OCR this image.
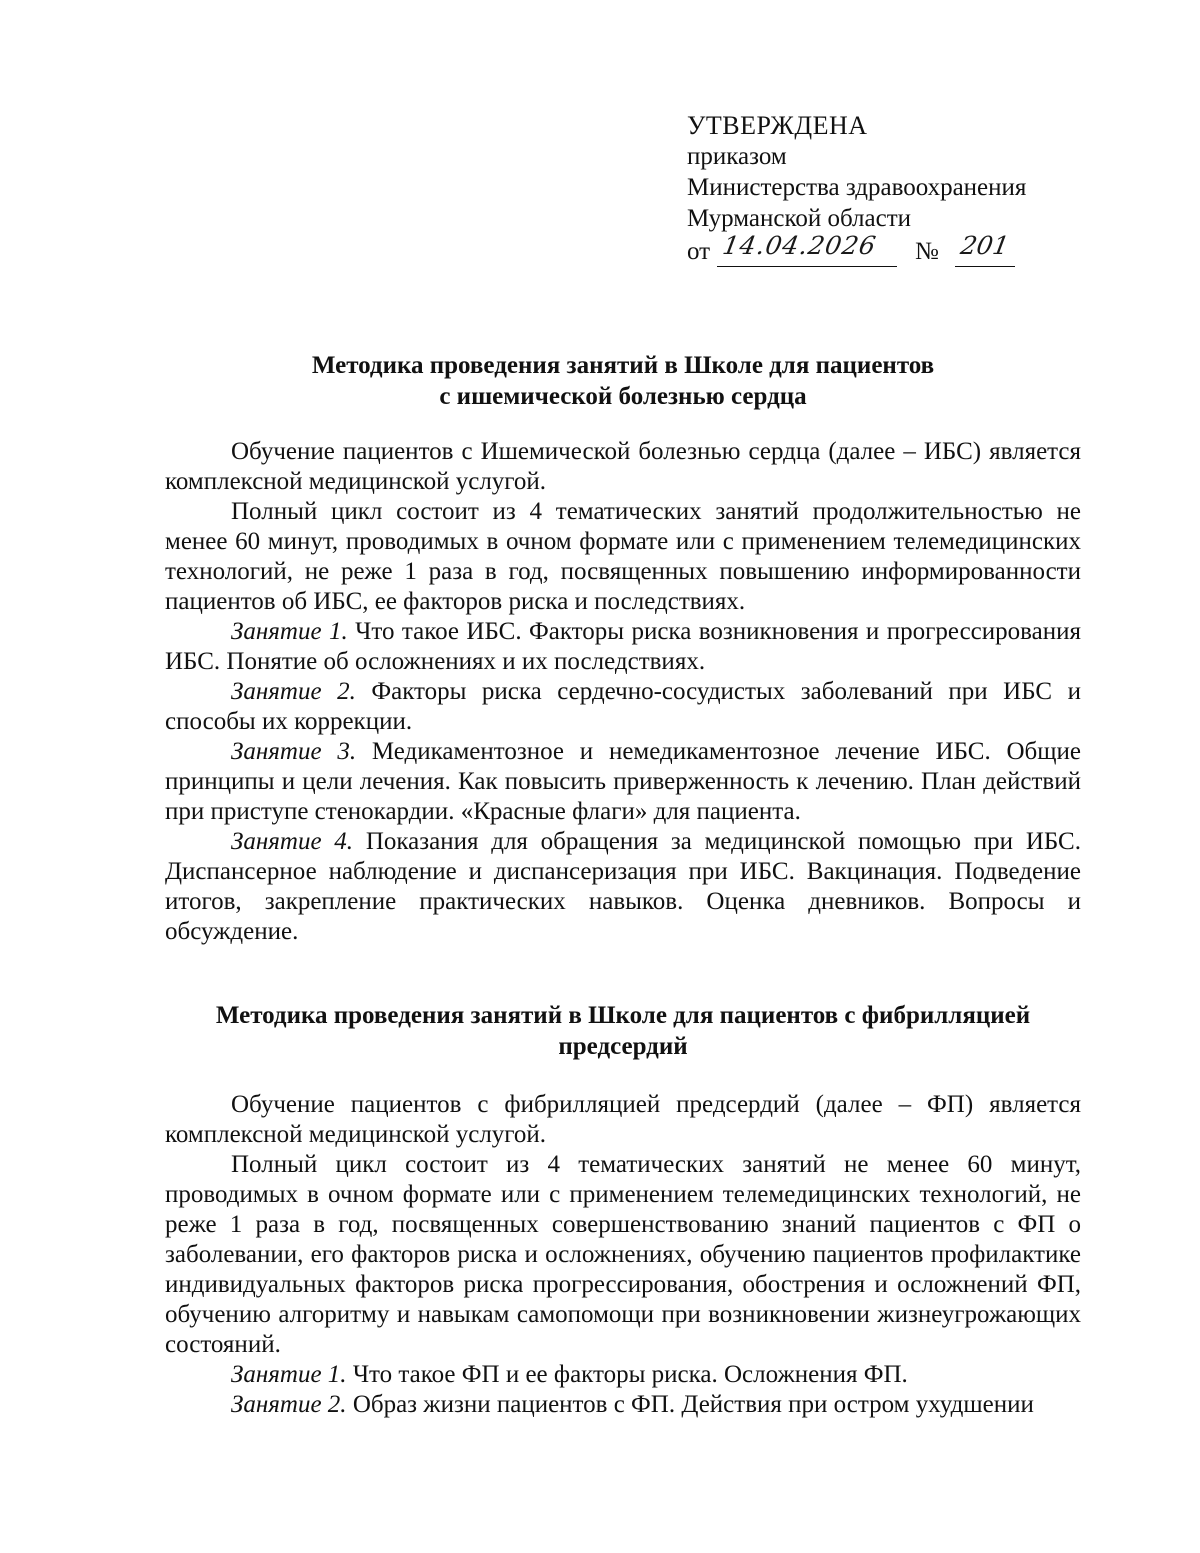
УТВЕРЖДЕНА
приказом
Министерства здравоохранения
Мурманской области
от 14.04.2026 № 201
Методика проведения занятий в Школе для пациентов
с ишемической болезнью сердца

Обучение пациентов с Ишемической болезнью сердца (далее – ИБС) является комплексной медицинской услугой.

Полный цикл состоит из 4 тематических занятий продолжительностью не менее 60 минут, проводимых в очном формате или с применением телемедицинских технологий, не реже 1 раза в год, посвященных повышению информированности пациентов об ИБС, ее факторов риска и последствиях.

Занятие 1. Что такое ИБС. Факторы риска возникновения и прогрессирования ИБС. Понятие об осложнениях и их последствиях.

Занятие 2. Факторы риска сердечно-сосудистых заболеваний при ИБС и способы их коррекции.

Занятие 3. Медикаментозное и немедикаментозное лечение ИБС. Общие принципы и цели лечения. Как повысить приверженность к лечению. План действий при приступе стенокардии. «Красные флаги» для пациента.

Занятие 4. Показания для обращения за медицинской помощью при ИБС. Диспансерное наблюдение и диспансеризация при ИБС. Вакцинация. Подведение итогов, закрепление практических навыков. Оценка дневников. Вопросы и обсуждение.

Методика проведения занятий в Школе для пациентов с фибрилляцией
предсердий

Обучение пациентов с фибрилляцией предсердий (далее – ФП) является комплексной медицинской услугой.

Полный цикл состоит из 4 тематических занятий не менее 60 минут, проводимых в очном формате или с применением телемедицинских технологий, не реже 1 раза в год, посвященных совершенствованию знаний пациентов с ФП о заболевании, его факторов риска и осложнениях, обучению пациентов профилактике индивидуальных факторов риска прогрессирования, обострения и осложнений ФП, обучению алгоритму и навыкам самопомощи при возникновении жизнеугрожающих состояний.

Занятие 1. Что такое ФП и ее факторы риска. Осложнения ФП.

Занятие 2. Образ жизни пациентов с ФП. Действия при остром ухудшении
